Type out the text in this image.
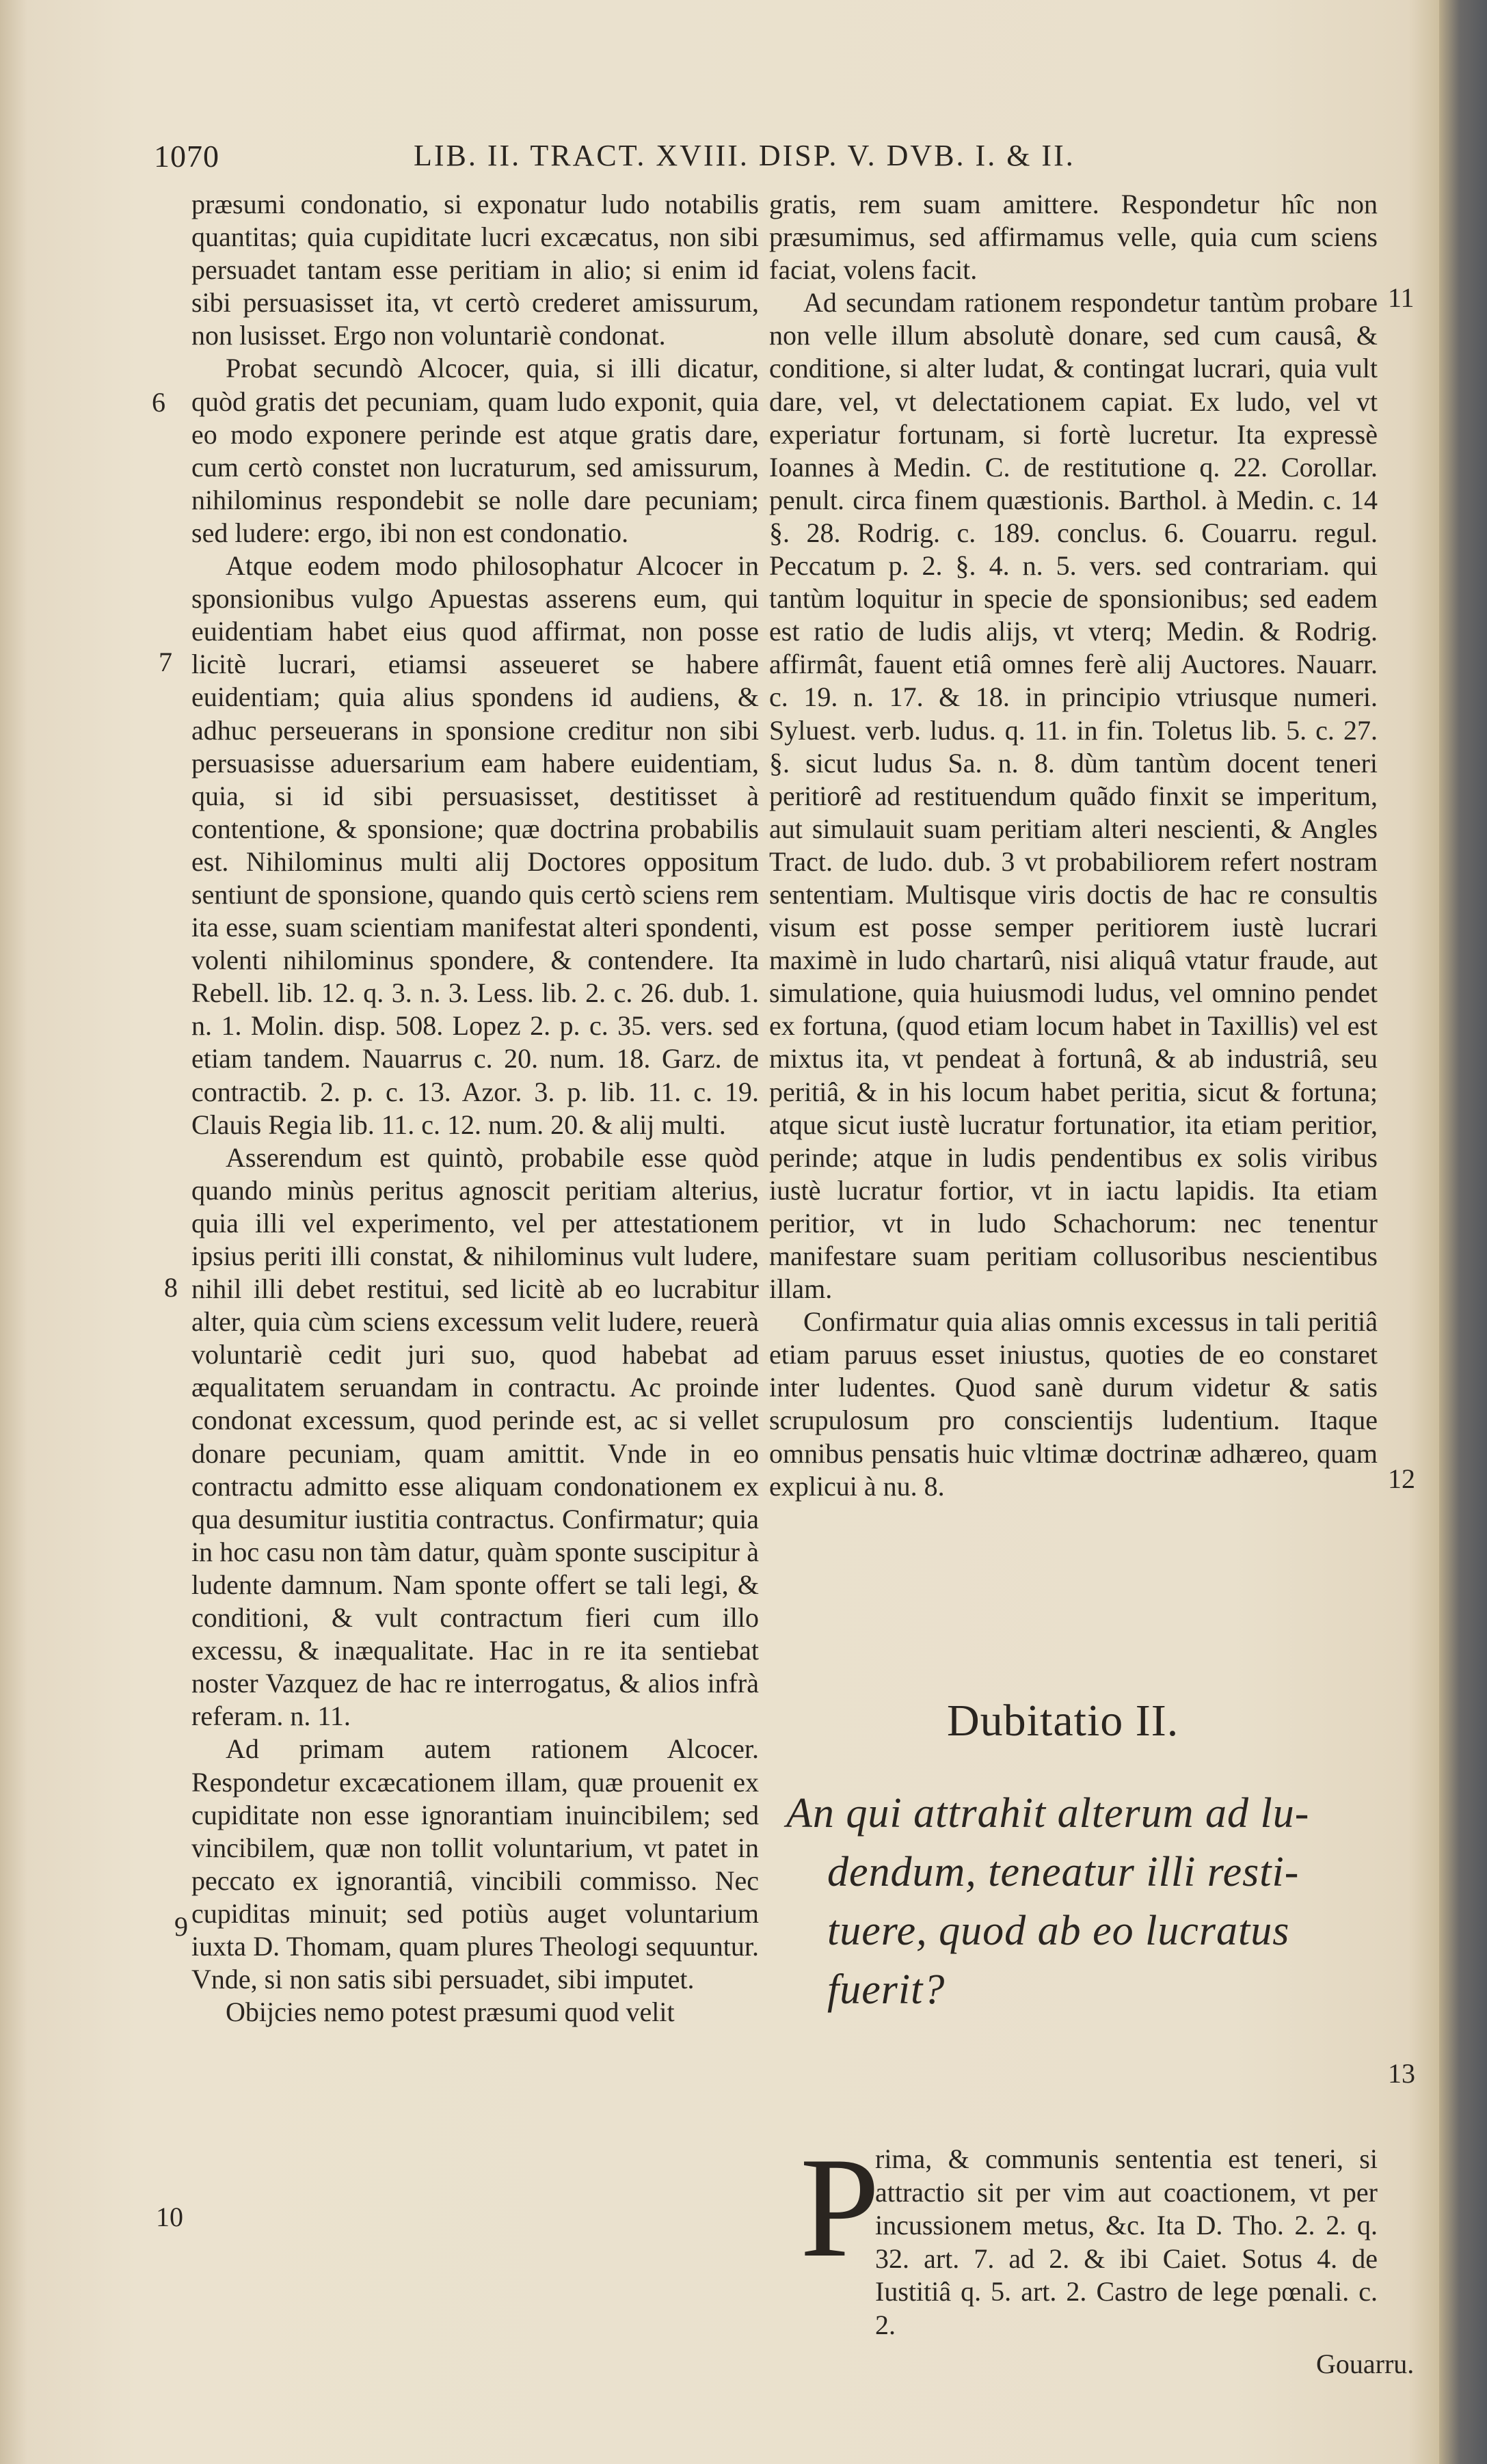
1070	LIB. II. TRACT. XVIII. DISP. V. DVB. I. & II.

præsumi condonatio, si exponatur ludo notabilis quantitas; quia cupiditate lucri excæcatus, non sibi persuadet tantam esse peritiam in alio; si enim id sibi persuasisset ita, vt certò crederet amissurum, non lusisset. Ergo non voluntariè condonat.

Probat secundò Alcocer, quia, si illi dicatur, quòd gratis det pecuniam, quam ludo exponit, quia eo modo exponere perinde est atque gratis dare, cum certò constet non lucraturum, sed amissurum, nihilominus respondebit se nolle dare pecuniam; sed ludere: ergo, ibi non est condonatio.

Atque eodem modo philosophatur Alcocer in sponsionibus vulgo Apuestas asserens eum, qui euidentiam habet eius quod affirmat, non posse licitè lucrari, etiamsi asseueret se habere euidentiam; quia alius spondens id audiens, & adhuc perseuerans in sponsione creditur non sibi persuasisse aduersarium eam habere euidentiam, quia, si id sibi persuasisset, destitisset à contentione, & sponsione; quæ doctrina probabilis est. Nihilominus multi alij Doctores oppositum sentiunt de sponsione, quando quis certò sciens rem ita esse, suam scientiam manifestat alteri spondenti, volenti nihilominus spondere, & contendere. Ita Rebell. lib. 12. q. 3. n. 3. Less. lib. 2. c. 26. dub. 1. n. 1. Molin. disp. 508. Lopez 2. p. c. 35. vers. sed etiam tandem. Nauarrus c. 20. num. 18. Garz. de contractib. 2. p. c. 13. Azor. 3. p. lib. 11. c. 19. Clauis Regia lib. 11. c. 12. num. 20. & alij multi.

Asserendum est quintò, probabile esse quòd quando minùs peritus agnoscit peritiam alterius, quia illi vel experimento, vel per attestationem ipsius periti illi constat, & nihilominus vult ludere, nihil illi debet restitui, sed licitè ab eo lucrabitur alter, quia cùm sciens excessum velit ludere, reuerà voluntariè cedit juri suo, quod habebat ad æqualitatem seruandam in contractu. Ac proinde condonat excessum, quod perinde est, ac si vellet donare pecuniam, quam amittit. Vnde in eo contractu admitto esse aliquam condonationem ex qua desumitur iustitia contractus. Confirmatur; quia in hoc casu non tàm datur, quàm sponte suscipitur à ludente damnum. Nam sponte offert se tali legi, & conditioni, & vult contractum fieri cum illo excessu, & inæqualitate. Hac in re ita sentiebat noster Vazquez de hac re interrogatus, & alios infrà referam. n. 11.

Ad primam autem rationem Alcocer. Respondetur excæcationem illam, quæ prouenit ex cupiditate non esse ignorantiam inuincibilem; sed vincibilem, quæ non tollit voluntarium, vt patet in peccato ex ignorantiâ, vincibili commisso. Nec cupiditas minuit; sed potiùs auget voluntarium iuxta D. Thomam, quam plures Theologi sequuntur. Vnde, si non satis sibi persuadet, sibi imputet.

Obijcies nemo potest præsumi quod velit

6
7
8
9
10

gratis, rem suam amittere. Respondetur hîc non præsumimus, sed affirmamus velle, quia cum sciens faciat, volens facit.

Ad secundam rationem respondetur tantùm probare non velle illum absolutè donare, sed cum causâ, & conditione, si alter ludat, & contingat lucrari, quia vult dare, vel, vt delectationem capiat. Ex ludo, vel vt experiatur fortunam, si fortè lucretur. Ita expressè Ioannes à Medin. C. de restitutione q. 22. Corollar. penult. circa finem quæstionis. Barthol. à Medin. c. 14 §. 28. Rodrig. c. 189. conclus. 6. Couarru. regul. Peccatum p. 2. §. 4. n. 5. vers. sed contrariam. qui tantùm loquitur in specie de sponsionibus; sed eadem est ratio de ludis alijs, vt vterq; Medin. & Rodrig. affirmât, fauent etiâ omnes ferè alij Auctores. Nauarr. c. 19. n. 17. & 18. in principio vtriusque numeri. Syluest. verb. ludus. q. 11. in fin. Toletus lib. 5. c. 27. §. sicut ludus Sa. n. 8. dùm tantùm docent teneri peritiorê ad restituendum quãdo finxit se imperitum, aut simulauit suam peritiam alteri nescienti, & Angles Tract. de ludo. dub. 3 vt probabiliorem refert nostram sententiam. Multisque viris doctis de hac re consultis visum est posse semper peritiorem iustè lucrari maximè in ludo chartarû, nisi aliquâ vtatur fraude, aut simulatione, quia huiusmodi ludus, vel omnino pendet ex fortuna, (quod etiam locum habet in Taxillis) vel est mixtus ita, vt pendeat à fortunâ, & ab industriâ, seu peritiâ, & in his locum habet peritia, sicut & fortuna; atque sicut iustè lucratur fortunatior, ita etiam peritior, perinde; atque in ludis pendentibus ex solis viribus iustè lucratur fortior, vt in iactu lapidis. Ita etiam peritior, vt in ludo Schachorum: nec tenentur manifestare suam peritiam collusoribus nescientibus illam.

Confirmatur quia alias omnis excessus in tali peritiâ etiam paruus esset iniustus, quoties de eo constaret inter ludentes. Quod sanè durum videtur & satis scrupulosum pro conscientijs ludentium. Itaque omnibus pensatis huic vltimæ doctrinæ adhæreo, quam explicui à nu. 8.

11
12
13
Dubitatio II.
An qui attrahit alterum ad lu-
dendum, teneatur illi resti-
tuere, quod ab eo lucratus
fuerit?
P
rima, & communis sententia est teneri, si attractio sit per vim aut coactionem, vt per incussionem metus, &c. Ita D. Tho. 2. 2. q. 32. art. 7. ad 2. & ibi Caiet. Sotus 4. de Iustitiâ q. 5. art. 2. Castro de lege pœnali. c. 2.
Gouarru.
